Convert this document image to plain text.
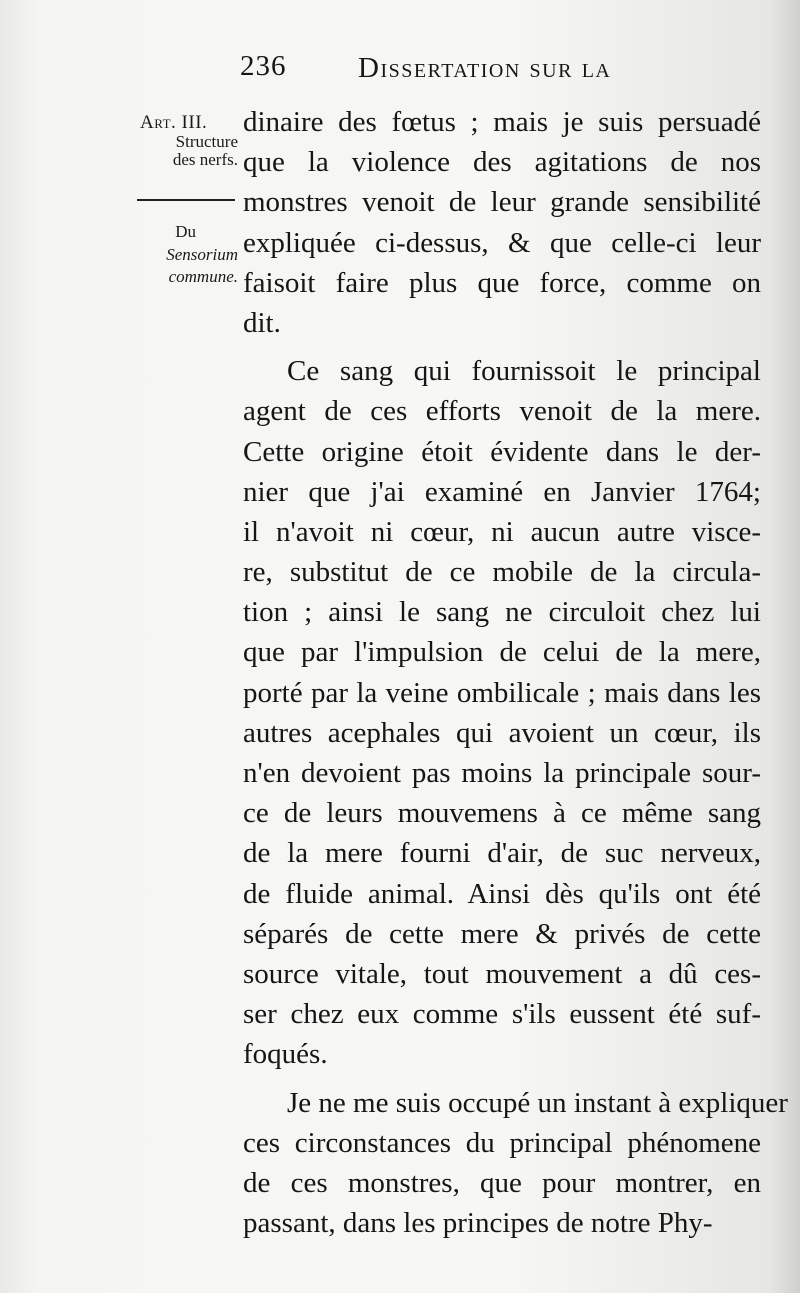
236 Dissertation sur la
Art. III.
Structure
des nerfs.
Du
Sensorium
commune.
dinaire des fœtus ; mais je suis persuadé
que la violence des agitations de nos
monstres venoit de leur grande sensibilité
expliquée ci-dessus, & que celle-ci leur
faisoit faire plus que force, comme on
dit.
Ce sang qui fournissoit le principal
agent de ces efforts venoit de la mere.
Cette origine étoit évidente dans le der-
nier que j'ai examiné en Janvier 1764;
il n'avoit ni cœur, ni aucun autre visce-
re, substitut de ce mobile de la circula-
tion ; ainsi le sang ne circuloit chez lui
que par l'impulsion de celui de la mere,
porté par la veine ombilicale ; mais dans les
autres acephales qui avoient un cœur, ils
n'en devoient pas moins la principale sour-
ce de leurs mouvemens à ce même sang
de la mere fourni d'air, de suc nerveux,
de fluide animal. Ainsi dès qu'ils ont été
séparés de cette mere & privés de cette
source vitale, tout mouvement a dû ces-
ser chez eux comme s'ils eussent été suf-
foqués.
Je ne me suis occupé un instant à expliquer
ces circonstances du principal phénomene
de ces monstres, que pour montrer, en
passant, dans les principes de notre Phy-
